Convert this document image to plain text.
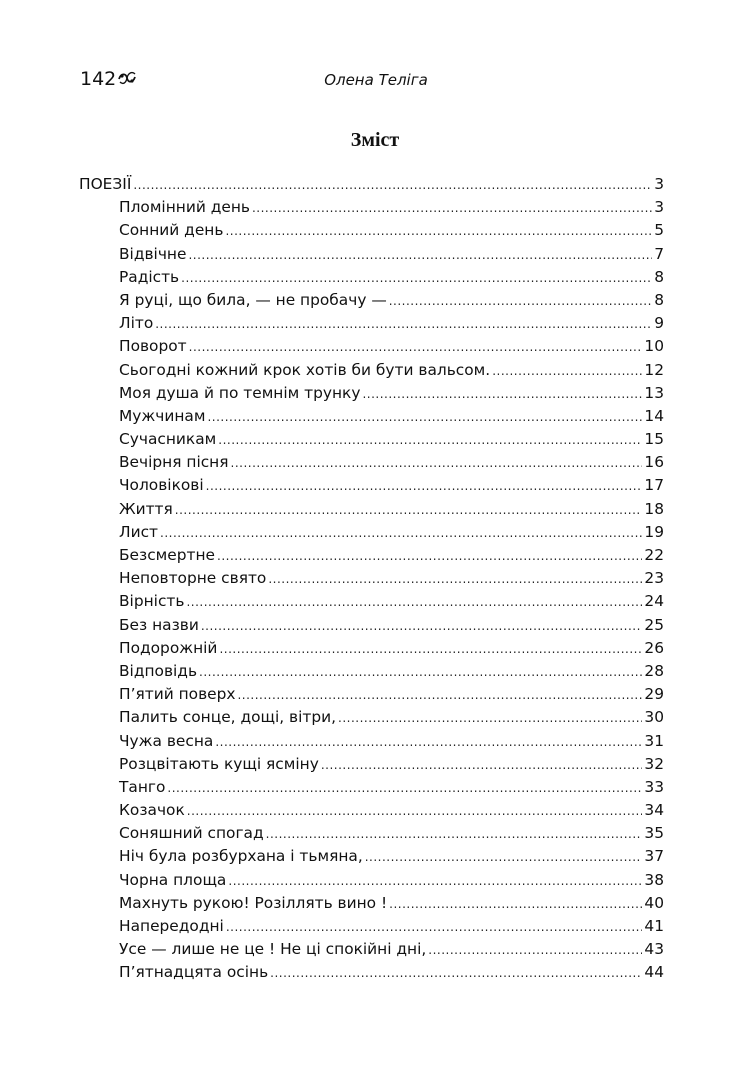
142	Олена Теліга
Зміст
ПОЕЗІЇ .....	3
Пломінний день .....	3
Сонний день .....	5
Відвічне .....	7
Радість .....	8
Я руці, що била, — не пробачу — .....	8
Літо .....	9
Поворот .....	10
Сьогодні кожний крок хотів би бути вальсом. .....	12
Моя душа й по темнім трунку .....	13
Мужчинам .....	14
Сучасникам .....	15
Вечірня пісня .....	16
Чоловікові .....	17
Життя .....	18
Лист .....	19
Безсмертне .....	22
Неповторне свято .....	23
Вірність .....	24
Без назви .....	25
Подорожній .....	26
Відповідь .....	28
П’ятий поверх .....	29
Палить сонце, дощі, вітри, .....	30
Чужа весна .....	31
Розцвітають кущі ясміну .....	32
Танго .....	33
Козачок .....	34
Соняшний спогад .....	35
Ніч була розбурхана і тьмяна, .....	37
Чорна площа .....	38
Махнуть рукою! Розіллять вино ! .....	40
Напередодні .....	41
Усе — лише не це ! Не ці спокійні дні, .....	43
П’ятнадцята осінь .....	44
